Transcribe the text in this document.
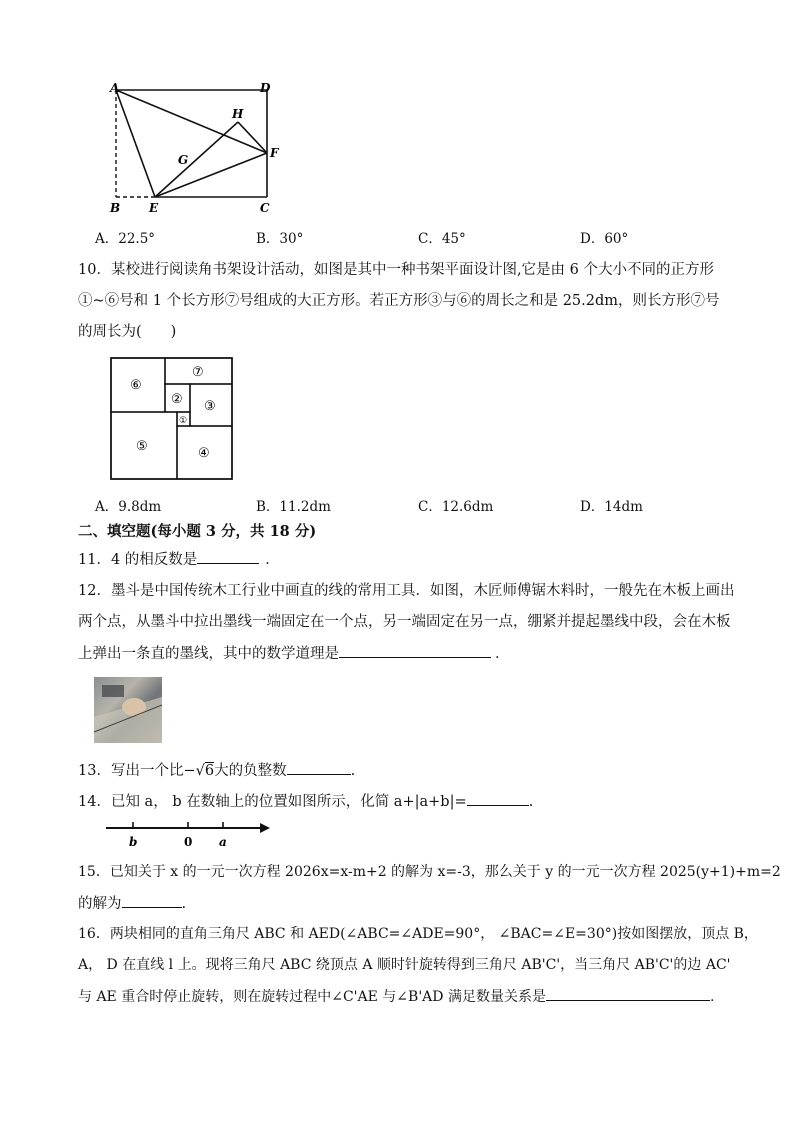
A	D
H
F
G
B E	C
A．22.5°	B．30°	C．45°	D．60°
10．某校进行阅读角书架设计活动，如图是其中一种书架平面设计图,它是由 6 个大小不同的正方形
①~⑥号和 1 个长方形⑦号组成的大正方形。若正方形③与⑥的周长之和是 25.2dm，则长方形⑦号
的周长为(　　)
⑥
⑦
② ③
①
⑤	④
A．9.8dm	B．11.2dm	C．12.6dm	D．14dm
二、填空题(每小题 3 分，共 18 分)
11．4 的相反数是	．
12．墨斗是中国传统木工行业中画直的线的常用工具．如图，木匠师傅锯木料时，一般先在木板上画出
两个点，从墨斗中拉出墨线一端固定在一个点，另一端固定在另一点，绷紧并提起墨线中段，会在木板
上弹出一条直的墨线，其中的数学道理是	．
13．写出一个比−√6大的负整数	.
14．已知 a， b 在数轴上的位置如图所示，化简 a+|a+b|=	.
b	0 a
15．已知关于 x 的一元一次方程 2026x=x-m+2 的解为 x=-3，那么关于 y 的一元一次方程 2025(y+1)+m=2
的解为	.
16．两块相同的直角三角尺 ABC 和 AED(∠ABC=∠ADE=90°， ∠BAC=∠E=30°)按如图摆放，顶点 B，
A， D 在直线 l 上。现将三角尺 ABC 绕顶点 A 顺时针旋转得到三角尺 AB'C'，当三角尺 AB'C'的边 AC'
与 AE 重合时停止旋转，则在旋转过程中∠C'AE 与∠B'AD 满足数量关系是	.
